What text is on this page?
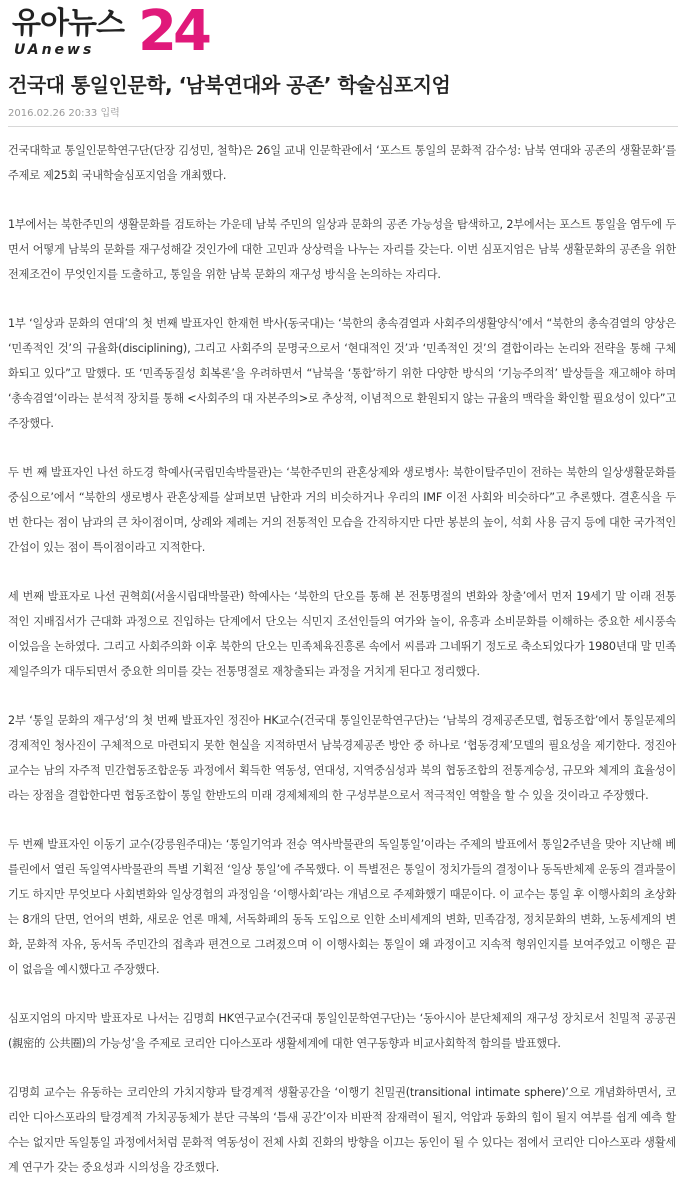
유아뉴스
UAnews 24
건국대 통일인문학, ‘남북연대와 공존’ 학술심포지엄
2016.02.26 20:33 입력

건국대학교 통일인문학연구단(단장 김성민, 철학)은 26일 교내 인문학관에서 ‘포스트 통일의 문화적 감수성: 남북 연대와 공존의 생활문화’를 주제로 제25회 국내학술심포지엄을 개최했다.

1부에서는 북한주민의 생활문화를 검토하는 가운데 남북 주민의 일상과 문화의 공존 가능성을 탐색하고, 2부에서는 포스트 통일을 염두에 두면서 어떻게 남북의 문화를 재구성해갈 것인가에 대한 고민과 상상력을 나누는 자리를 갖는다. 이번 심포지엄은 남북 생활문화의 공존을 위한 전제조건이 무엇인지를 도출하고, 통일을 위한 남북 문화의 재구성 방식을 논의하는 자리다.

1부 ‘일상과 문화의 연대’의 첫 번째 발표자인 한재헌 박사(동국대)는 ‘북한의 총속겸열과 사회주의생활양식’에서 “북한의 총속겸열의 양상은 ‘민족적인 것’의 규율화(disciplining), 그리고 사회주의 문명국으로서 ‘현대적인 것’과 ‘민족적인 것’의 결합이라는 논리와 전략을 통해 구체화되고 있다”고 말했다. 또 ‘민족동질성 회복론’을 우려하면서 “남북을 ‘통합’하기 위한 다양한 방식의 ‘기능주의적’ 발상들을 재고해야 하며 ‘총속겸열’이라는 분석적 장치를 통해 <사회주의 대 자본주의>로 추상적, 이념적으로 환원되지 않는 규율의 맥락을 확인할 필요성이 있다”고 주장했다.

두 번 째 발표자인 나선 하도경 학예사(국립민속박물관)는 ‘북한주민의 관혼상제와 생로병사: 북한이탈주민이 전하는 북한의 일상생활문화를 중심으로’에서 “북한의 생로병사 관혼상제를 살펴보면 남한과 거의 비슷하거나 우리의 IMF 이전 사회와 비슷하다”고 추론했다. 결혼식을 두 번 한다는 점이 남과의 큰 차이점이며, 상례와 제례는 거의 전통적인 모습을 간직하지만 다만 봉분의 높이, 석회 사용 금지 등에 대한 국가적인 간섭이 있는 점이 특이점이라고 지적한다.

세 번째 발표자로 나선 권혁희(서울시립대박물관) 학예사는 ‘북한의 단오를 통해 본 전통명절의 변화와 창출’에서 먼저 19세기 말 이래 전통적인 지배집서가 근대화 과정으로 진입하는 단계에서 단오는 식민지 조선인들의 여가와 놀이, 유흥과 소비문화를 이해하는 중요한 세시풍속이었음을 논하였다. 그리고 사회주의화 이후 북한의 단오는 민족체육진흥론 속에서 씨름과 그네뛰기 정도로 축소되었다가 1980년대 말 민족제일주의가 대두되면서 중요한 의미를 갖는 전통명절로 재창출되는 과정을 거치게 된다고 정리했다.

2부 ‘통일 문화의 재구성’의 첫 번째 발표자인 정진아 HK교수(건국대 통일인문학연구단)는 ‘남북의 경제공존모델, 협동조합’에서 통일문제의 경제적인 청사진이 구체적으로 마련되지 못한 현실을 지적하면서 남북경제공존 방안 중 하나로 ‘협동경제’모델의 필요성을 제기한다. 정진아 교수는 남의 자주적 민간협동조합운동 과정에서 획득한 역동성, 연대성, 지역중심성과 북의 협동조합의 전통계승성, 규모와 체계의 효율성이라는 장점을 결합한다면 협동조합이 통일 한반도의 미래 경제체제의 한 구성부분으로서 적극적인 역할을 할 수 있을 것이라고 주장했다.

두 번째 발표자인 이동기 교수(강릉원주대)는 ‘통일기억과 전승 역사박물관의 독일통일’이라는 주제의 발표에서 통일2주년을 맞아 지난해 베를린에서 열린 독일역사박물관의 특별 기획전 ‘일상 통일’에 주목했다. 이 특별전은 통일이 정치가들의 결정이나 동독반체제 운동의 결과물이기도 하지만 무엇보다 사회변화와 일상경험의 과정임을 ‘이행사회’라는 개념으로 주제화했기 때문이다. 이 교수는 통일 후 이행사회의 초상화는 8개의 단면, 언어의 변화, 새로운 언론 매체, 서독화폐의 동독 도입으로 인한 소비세계의 변화, 민족감정, 정치문화의 변화, 노동세계의 변화, 문화적 자유, 동서독 주민간의 접촉과 편견으로 그려졌으며 이 이행사회는 통일이 왜 과정이고 지속적 형위인지를 보여주었고 이행은 끝이 없음을 예시했다고 주장했다.

심포지엄의 마지막 발표자로 나서는 김명희 HK연구교수(건국대 통일인문학연구단)는 ‘동아시아 분단체제의 재구성 장치로서 친밀적 공공권(親密的 公共圈)의 가능성’을 주제로 코리안 디아스포라 생활세계에 대한 연구동향과 비교사회학적 함의를 발표했다.

김명희 교수는 유동하는 코리안의 가치지향과 탈경계적 생활공간을 ‘이행기 친밀권(transitional intimate sphere)’으로 개념화하면서, 코리안 디아스포라의 탈경계적 가치공동체가 분단 극복의 ‘틈새 공간’이자 비판적 잠재력이 될지, 억압과 동화의 힘이 될지 여부를 쉽게 예측 할 수는 없지만 독일통일 과정에서처럼 문화적 역동성이 전체 사회 진화의 방향을 이끄는 동인이 될 수 있다는 점에서 코리안 디아스포라 생활세계 연구가 갖는 중요성과 시의성을 강조했다.
